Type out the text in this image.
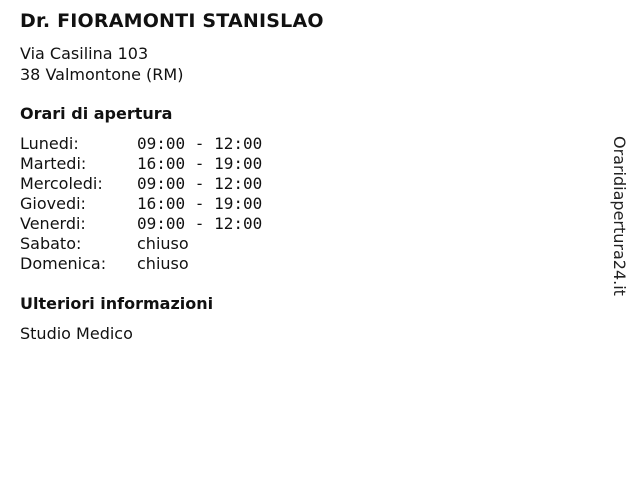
Dr. FIORAMONTI STANISLAO
Via Casilina 103
38 Valmontone (RM)
Orari di apertura
Lunedi:	09:00 - 12:00
Martedi:	16:00 - 19:00
Mercoledi: 09:00 - 12:00
Giovedi:	16:00 - 19:00
Venerdi:	09:00 - 12:00
Sabato:	chiuso
Domenica: chiuso
Ulteriori informazioni
Studio Medico
Oraridiapertura24.it
